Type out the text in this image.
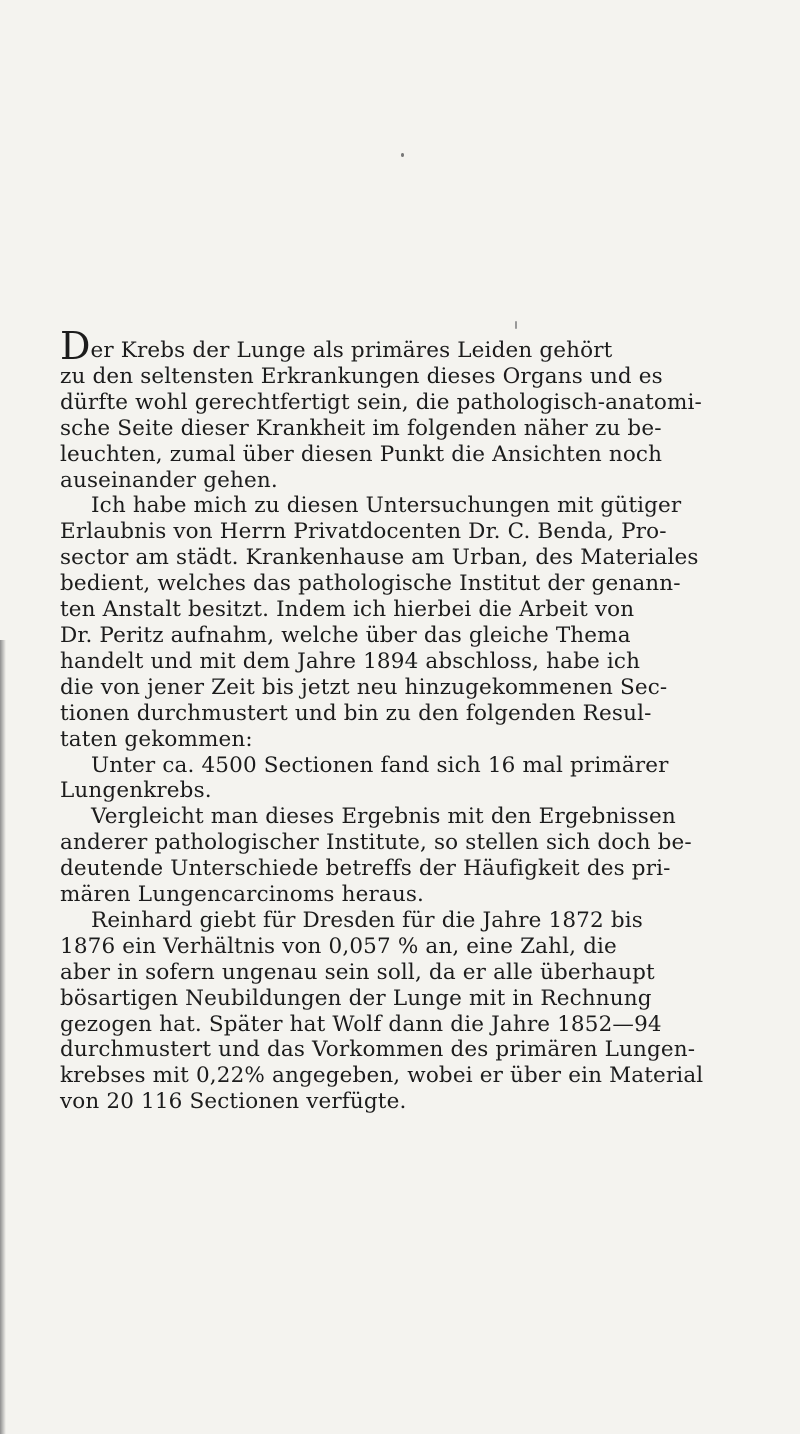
Der Krebs der Lunge als primäres Leiden gehört
zu den seltensten Erkrankungen dieses Organs und es
dürfte wohl gerechtfertigt sein, die pathologisch-anatomi-
sche Seite dieser Krankheit im folgenden näher zu be-
leuchten, zumal über diesen Punkt die Ansichten noch
auseinander gehen.
Ich habe mich zu diesen Untersuchungen mit gütiger
Erlaubnis von Herrn Privatdocenten Dr. C. Benda, Pro-
sector am städt. Krankenhause am Urban, des Materiales
bedient, welches das pathologische Institut der genann-
ten Anstalt besitzt. Indem ich hierbei die Arbeit von
Dr. Peritz aufnahm, welche über das gleiche Thema
handelt und mit dem Jahre 1894 abschloss, habe ich
die von jener Zeit bis jetzt neu hinzugekommenen Sec-
tionen durchmustert und bin zu den folgenden Resul-
taten gekommen:
Unter ca. 4500 Sectionen fand sich 16 mal primärer
Lungenkrebs.
Vergleicht man dieses Ergebnis mit den Ergebnissen
anderer pathologischer Institute, so stellen sich doch be-
deutende Unterschiede betreffs der Häufigkeit des pri-
mären Lungencarcinoms heraus.
Reinhard giebt für Dresden für die Jahre 1872 bis
1876 ein Verhältnis von 0,057 % an, eine Zahl, die
aber in sofern ungenau sein soll, da er alle überhaupt
bösartigen Neubildungen der Lunge mit in Rechnung
gezogen hat. Später hat Wolf dann die Jahre 1852—94
durchmustert und das Vorkommen des primären Lungen-
krebses mit 0,22% angegeben, wobei er über ein Material
von 20 116 Sectionen verfügte.
